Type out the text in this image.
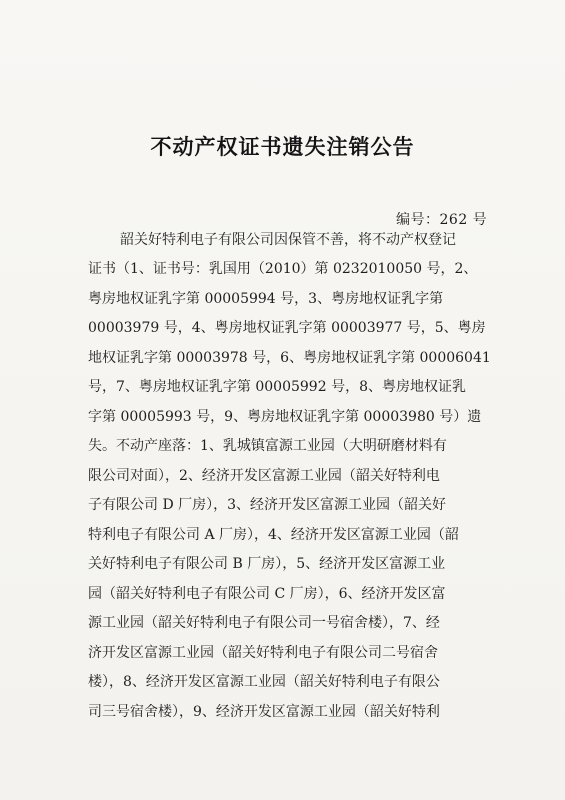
不动产权证书遗失注销公告
编号：262 号
韶关好特利电子有限公司因保管不善，将不动产权登记
证书（1、证书号：乳国用（2010）第 0232010050 号，2、
粤房地权证乳字第 00005994 号，3、粤房地权证乳字第
00003979 号，4、粤房地权证乳字第 00003977 号，5、粤房
地权证乳字第 00003978 号，6、粤房地权证乳字第 00006041
号，7、粤房地权证乳字第 00005992 号，8、粤房地权证乳
字第 00005993 号，9、粤房地权证乳字第 00003980 号）遗
失。不动产座落：1、乳城镇富源工业园（大明研磨材料有
限公司对面），2、经济开发区富源工业园（韶关好特利电
子有限公司 D 厂房），3、经济开发区富源工业园（韶关好
特利电子有限公司 A 厂房），4、经济开发区富源工业园（韶
关好特利电子有限公司 B 厂房），5、经济开发区富源工业
园（韶关好特利电子有限公司 C 厂房），6、经济开发区富
源工业园（韶关好特利电子有限公司一号宿舍楼），7、经
济开发区富源工业园（韶关好特利电子有限公司二号宿舍
楼），8、经济开发区富源工业园（韶关好特利电子有限公
司三号宿舍楼），9、经济开发区富源工业园（韶关好特利
